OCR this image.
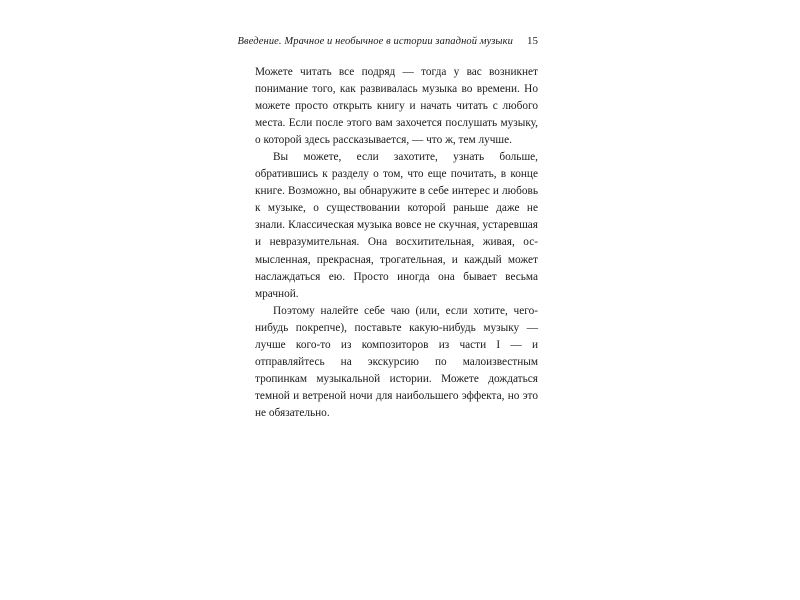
Введение. Мрачное и необычное в истории западной музыки 15

Можете читать все подряд — тогда у вас возникнет понимание того, как развивалась музыка во времени. Но можете просто открыть книгу и начать читать с любого места. Если после этого вам захочется послушать музыку, о которой здесь рассказывается, — что ж, тем лучше.

Вы можете, если захотите, узнать больше, обратившись к разделу о том, что еще почитать, в конце книге. Возможно, вы обнаружите в себе интерес и любовь к музыке, о существовании которой раньше даже не знали. Классическая музыка вовсе не скучная, устаревшая и невразумительная. Она восхитительная, живая, осмысленная, прекрасная, трогательная, и каждый может наслаждаться ею. Просто иногда она бывает весьма мрачной.

Поэтому налейте себе чаю (или, если хотите, чего-нибудь покрепче), поставьте какую-нибудь музыку — лучше кого-то из композиторов из части I — и отправляйтесь на экскурсию по малоизвестным тропинкам музыкальной истории. Можете дождаться темной и ветреной ночи для наибольшего эффекта, но это не обязательно.
